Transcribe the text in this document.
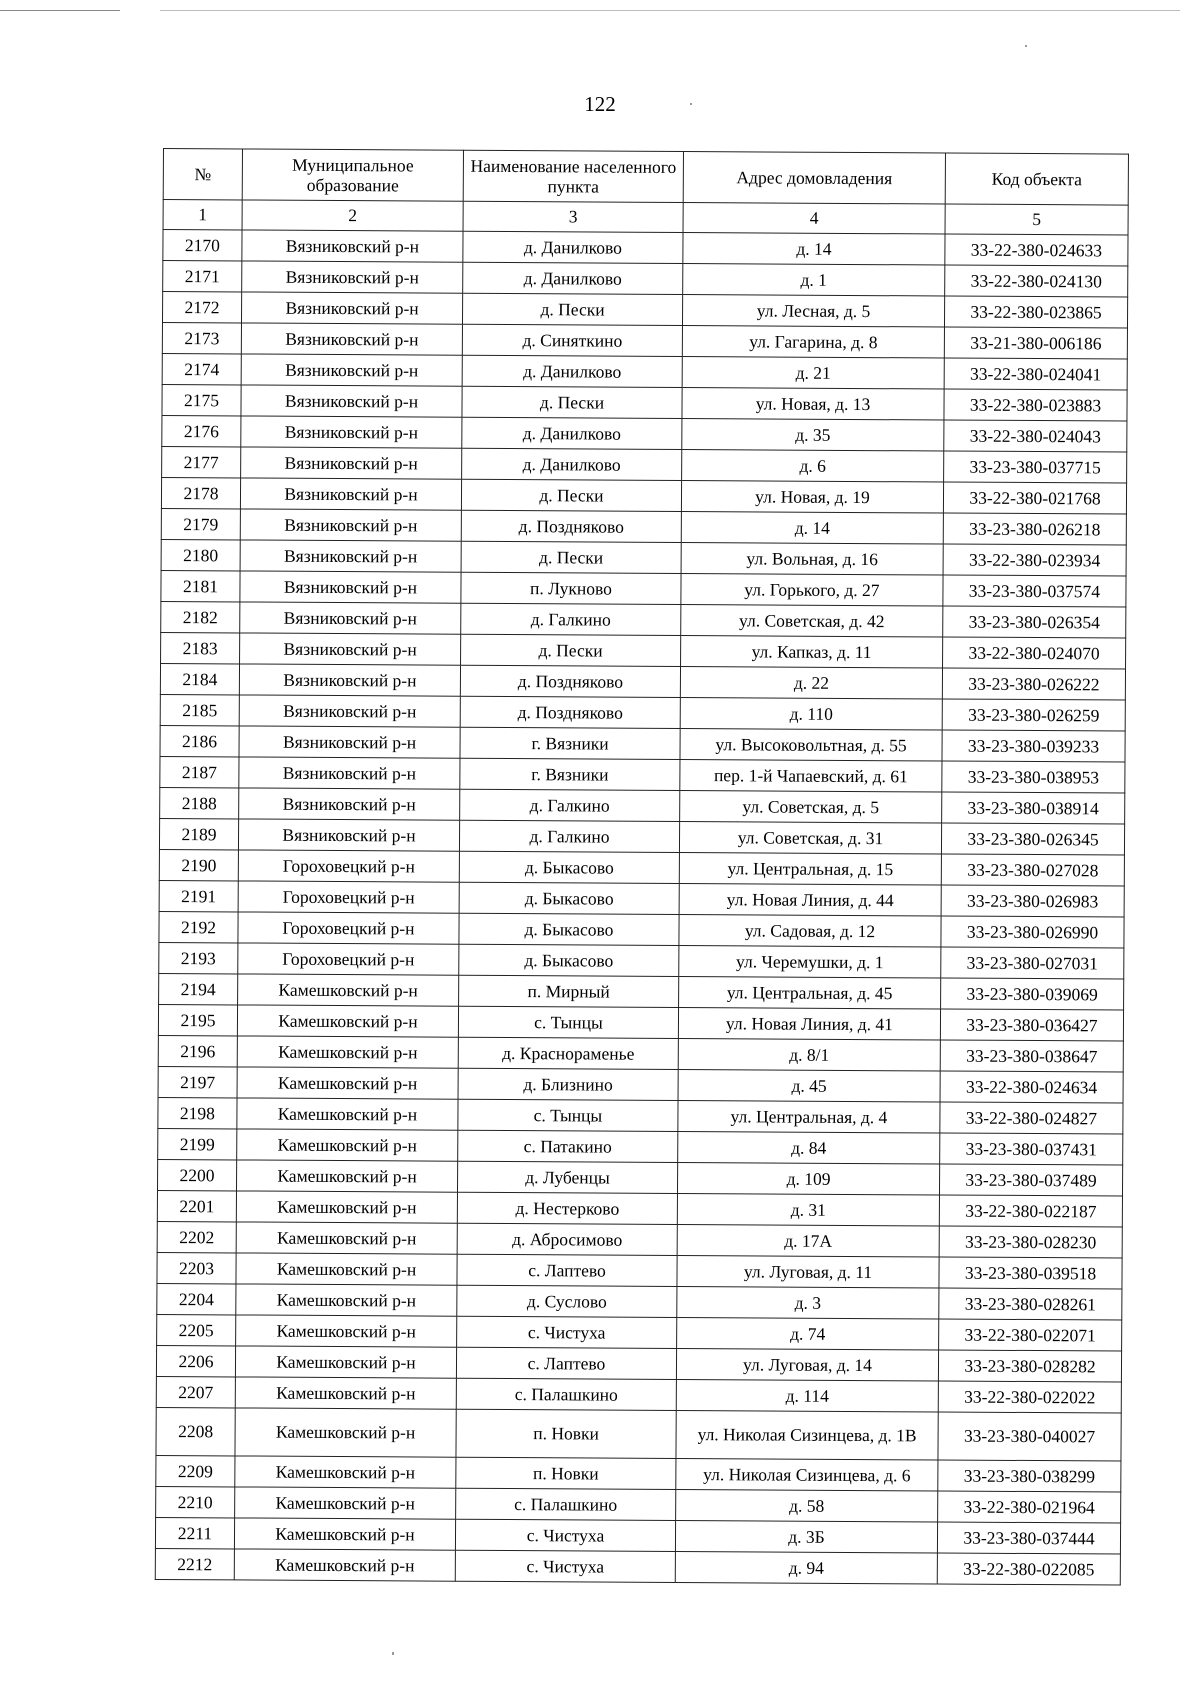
122
№	Муниципальное образование	Наименование населенного пункта	Адрес домовладения	Код объекта
1	2	3	4	5
2170	Вязниковский р-н	д. Данилково	д. 14	33-22-380-024633
2171	Вязниковский р-н	д. Данилково	д. 1	33-22-380-024130
2172	Вязниковский р-н	д. Пески	ул. Лесная, д. 5	33-22-380-023865
2173	Вязниковский р-н	д. Синяткино	ул. Гагарина, д. 8	33-21-380-006186
2174	Вязниковский р-н	д. Данилково	д. 21	33-22-380-024041
2175	Вязниковский р-н	д. Пески	ул. Новая, д. 13	33-22-380-023883
2176	Вязниковский р-н	д. Данилково	д. 35	33-22-380-024043
2177	Вязниковский р-н	д. Данилково	д. 6	33-23-380-037715
2178	Вязниковский р-н	д. Пески	ул. Новая, д. 19	33-22-380-021768
2179	Вязниковский р-н	д. Поздняково	д. 14	33-23-380-026218
2180	Вязниковский р-н	д. Пески	ул. Вольная, д. 16	33-22-380-023934
2181	Вязниковский р-н	п. Лукново	ул. Горького, д. 27	33-23-380-037574
2182	Вязниковский р-н	д. Галкино	ул. Советская, д. 42	33-23-380-026354
2183	Вязниковский р-н	д. Пески	ул. Капказ, д. 11	33-22-380-024070
2184	Вязниковский р-н	д. Поздняково	д. 22	33-23-380-026222
2185	Вязниковский р-н	д. Поздняково	д. 110	33-23-380-026259
2186	Вязниковский р-н	г. Вязники	ул. Высоковольтная, д. 55	33-23-380-039233
2187	Вязниковский р-н	г. Вязники	пер. 1-й Чапаевский, д. 61	33-23-380-038953
2188	Вязниковский р-н	д. Галкино	ул. Советская, д. 5	33-23-380-038914
2189	Вязниковский р-н	д. Галкино	ул. Советская, д. 31	33-23-380-026345
2190	Гороховецкий р-н	д. Быкасово	ул. Центральная, д. 15	33-23-380-027028
2191	Гороховецкий р-н	д. Быкасово	ул. Новая Линия, д. 44	33-23-380-026983
2192	Гороховецкий р-н	д. Быкасово	ул. Садовая, д. 12	33-23-380-026990
2193	Гороховецкий р-н	д. Быкасово	ул. Черемушки, д. 1	33-23-380-027031
2194	Камешковский р-н	п. Мирный	ул. Центральная, д. 45	33-23-380-039069
2195	Камешковский р-н	с. Тынцы	ул. Новая Линия, д. 41	33-23-380-036427
2196	Камешковский р-н	д. Краснораменье	д. 8/1	33-23-380-038647
2197	Камешковский р-н	д. Близнино	д. 45	33-22-380-024634
2198	Камешковский р-н	с. Тынцы	ул. Центральная, д. 4	33-22-380-024827
2199	Камешковский р-н	с. Патакино	д. 84	33-23-380-037431
2200	Камешковский р-н	д. Лубенцы	д. 109	33-23-380-037489
2201	Камешковский р-н	д. Нестерково	д. 31	33-22-380-022187
2202	Камешковский р-н	д. Абросимово	д. 17А	33-23-380-028230
2203	Камешковский р-н	с. Лаптево	ул. Луговая, д. 11	33-23-380-039518
2204	Камешковский р-н	д. Суслово	д. 3	33-23-380-028261
2205	Камешковский р-н	с. Чистуха	д. 74	33-22-380-022071
2206	Камешковский р-н	с. Лаптево	ул. Луговая, д. 14	33-23-380-028282
2207	Камешковский р-н	с. Палашкино	д. 114	33-22-380-022022
2208	Камешковский р-н	п. Новки	ул. Николая Сизинцева, д. 1В	33-23-380-040027
2209	Камешковский р-н	п. Новки	ул. Николая Сизинцева, д. 6	33-23-380-038299
2210	Камешковский р-н	с. Палашкино	д. 58	33-22-380-021964
2211	Камешковский р-н	с. Чистуха	д. 3Б	33-23-380-037444
2212	Камешковский р-н	с. Чистуха	д. 94	33-22-380-022085
